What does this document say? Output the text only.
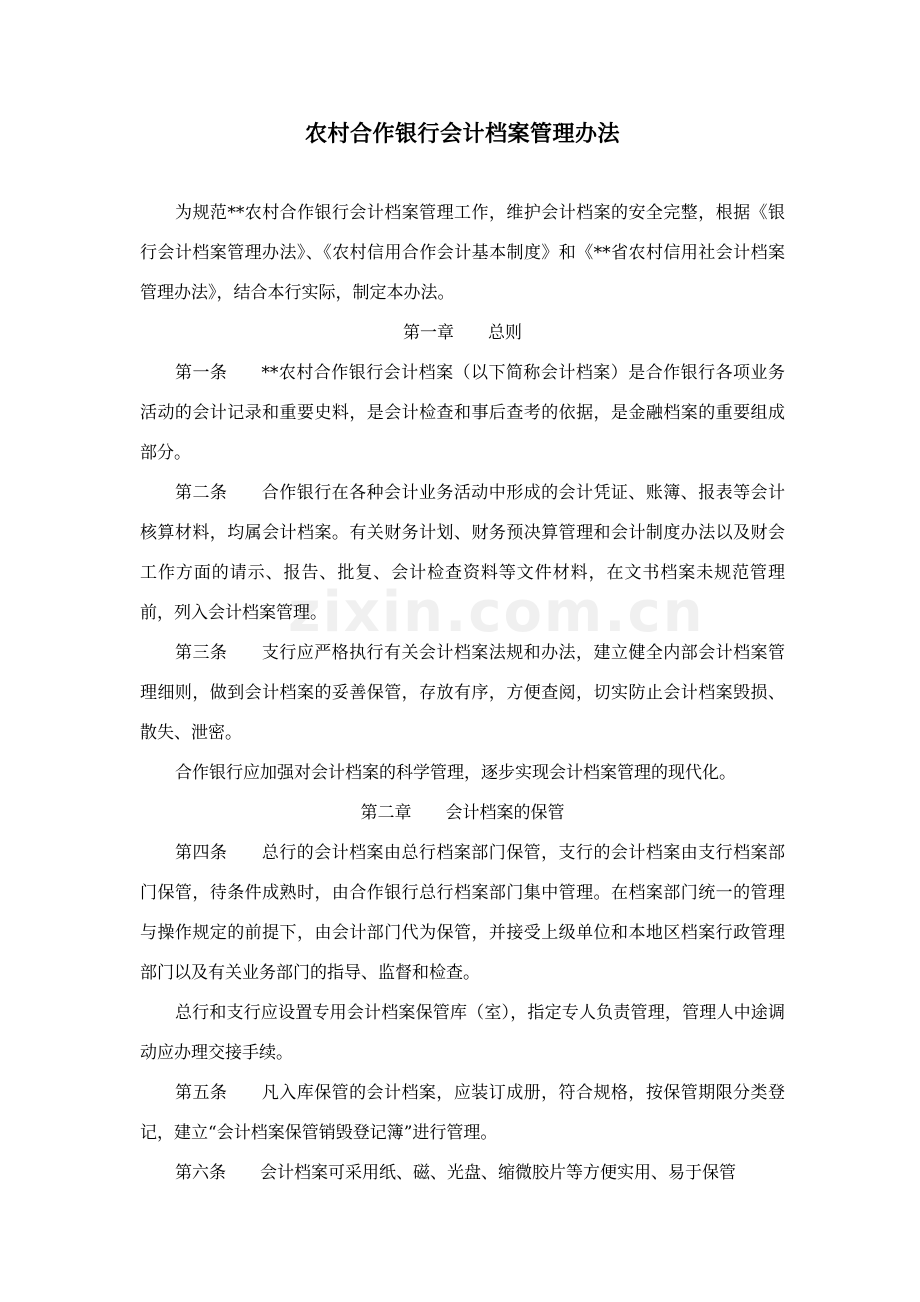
农村合作银行会计档案管理办法

为规范**农村合作银行会计档案管理工作，维护会计档案的安全完整，根据《银行会计档案管理办法》、《农村信用合作会计基本制度》和《**省农村信用社会计档案管理办法》，结合本行实际，制定本办法。

第一章 总则

第一条 **农村合作银行会计档案（以下简称会计档案）是合作银行各项业务活动的会计记录和重要史料，是会计检查和事后查考的依据，是金融档案的重要组成部分。

第二条 合作银行在各种会计业务活动中形成的会计凭证、账簿、报表等会计核算材料，均属会计档案。有关财务计划、财务预决算管理和会计制度办法以及财会工作方面的请示、报告、批复、会计检查资料等文件材料，在文书档案未规范管理前，列入会计档案管理。

第三条 支行应严格执行有关会计档案法规和办法，建立健全内部会计档案管理细则，做到会计档案的妥善保管，存放有序，方便查阅，切实防止会计档案毁损、散失、泄密。

合作银行应加强对会计档案的科学管理，逐步实现会计档案管理的现代化。

第二章 会计档案的保管

第四条 总行的会计档案由总行档案部门保管，支行的会计档案由支行档案部门保管，待条件成熟时，由合作银行总行档案部门集中管理。在档案部门统一的管理与操作规定的前提下，由会计部门代为保管，并接受上级单位和本地区档案行政管理部门以及有关业务部门的指导、监督和检查。

总行和支行应设置专用会计档案保管库（室），指定专人负责管理，管理人中途调动应办理交接手续。

第五条 凡入库保管的会计档案，应装订成册，符合规格，按保管期限分类登记，建立“会计档案保管销毁登记簿”进行管理。

第六条 会计档案可采用纸、磁、光盘、缩微胶片等方便实用、易于保管

zixin.com.cn
